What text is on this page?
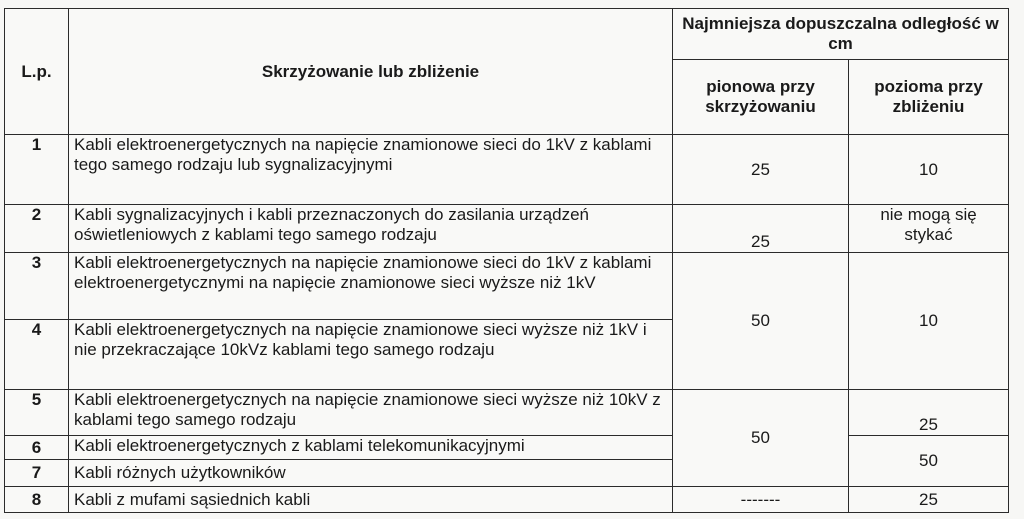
L.p.	Skrzyżowanie lub zbliżenie	Najmniejsza dopuszczalna odległość w cm	
		pionowa przy skrzyżowaniu	pozioma przy zbliżeniu
1	Kabli elektroenergetycznych na napięcie znamionowe sieci do 1kV z kablami tego samego rodzaju lub sygnalizacyjnymi	25	10
2	Kabli sygnalizacyjnych i kabli przeznaczonych do zasilania urządzeń oświetleniowych z kablami tego samego rodzaju	25	nie mogą się stykać
3	Kabli elektroenergetycznych na napięcie znamionowe sieci do 1kV z kablami elektroenergetycznymi na napięcie znamionowe sieci wyższe niż 1kV	50	10
4	Kabli elektroenergetycznych na napięcie znamionowe sieci wyższe niż 1kV i nie przekraczające 10kVz kablami tego samego rodzaju		
5	Kabli elektroenergetycznych na napięcie znamionowe sieci wyższe niż 10kV z kablami tego samego rodzaju	50	25
6	Kabli elektroenergetycznych z kablami telekomunikacyjnymi		50
7	Kabli różnych użytkowników		
8	Kabli z mufami sąsiednich kabli	-------	25
